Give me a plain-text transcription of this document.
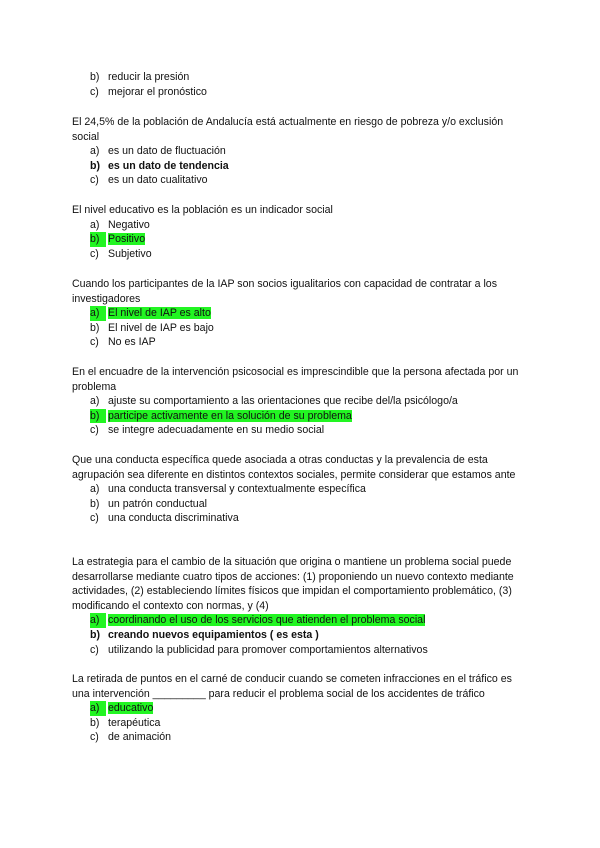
b) reducir la presión
c) mejorar el pronóstico

El 24,5% de la población de Andalucía está actualmente en riesgo de pobreza y/o exclusión social

a) es un dato de fluctuación
b) es un dato de tendencia
c) es un dato cualitativo

El nivel educativo es la población es un indicador social

a) Negativo
b) Positivo
c) Subjetivo

Cuando los participantes de la IAP son socios igualitarios con capacidad de contratar a los investigadores

a) El nivel de IAP es alto
b) El nivel de IAP es bajo
c) No es IAP

En el encuadre de la intervención psicosocial es imprescindible que la persona afectada por un problema

a) ajuste su comportamiento a las orientaciones que recibe del/la psicólogo/a
b) participe activamente en la solución de su problema
c) se integre adecuadamente en su medio social

Que una conducta específica quede asociada a otras conductas y la prevalencia de esta agrupación sea diferente en distintos contextos sociales, permite considerar que estamos ante

a) una conducta transversal y contextualmente específica
b) un patrón conductual
c) una conducta discriminativa

La estrategia para el cambio de la situación que origina o mantiene un problema social puede desarrollarse mediante cuatro tipos de acciones: (1) proponiendo un nuevo contexto mediante actividades, (2) estableciendo límites físicos que impidan el comportamiento problemático, (3) modificando el contexto con normas, y (4)

a) coordinando el uso de los servicios que atienden el problema social
b) creando nuevos equipamientos ( es esta )
c) utilizando la publicidad para promover comportamientos alternativos

La retirada de puntos en el carné de conducir cuando se cometen infracciones en el tráfico es una intervención _________ para reducir el problema social de los accidentes de tráfico

a) educativo
b) terapéutica
c) de animación
